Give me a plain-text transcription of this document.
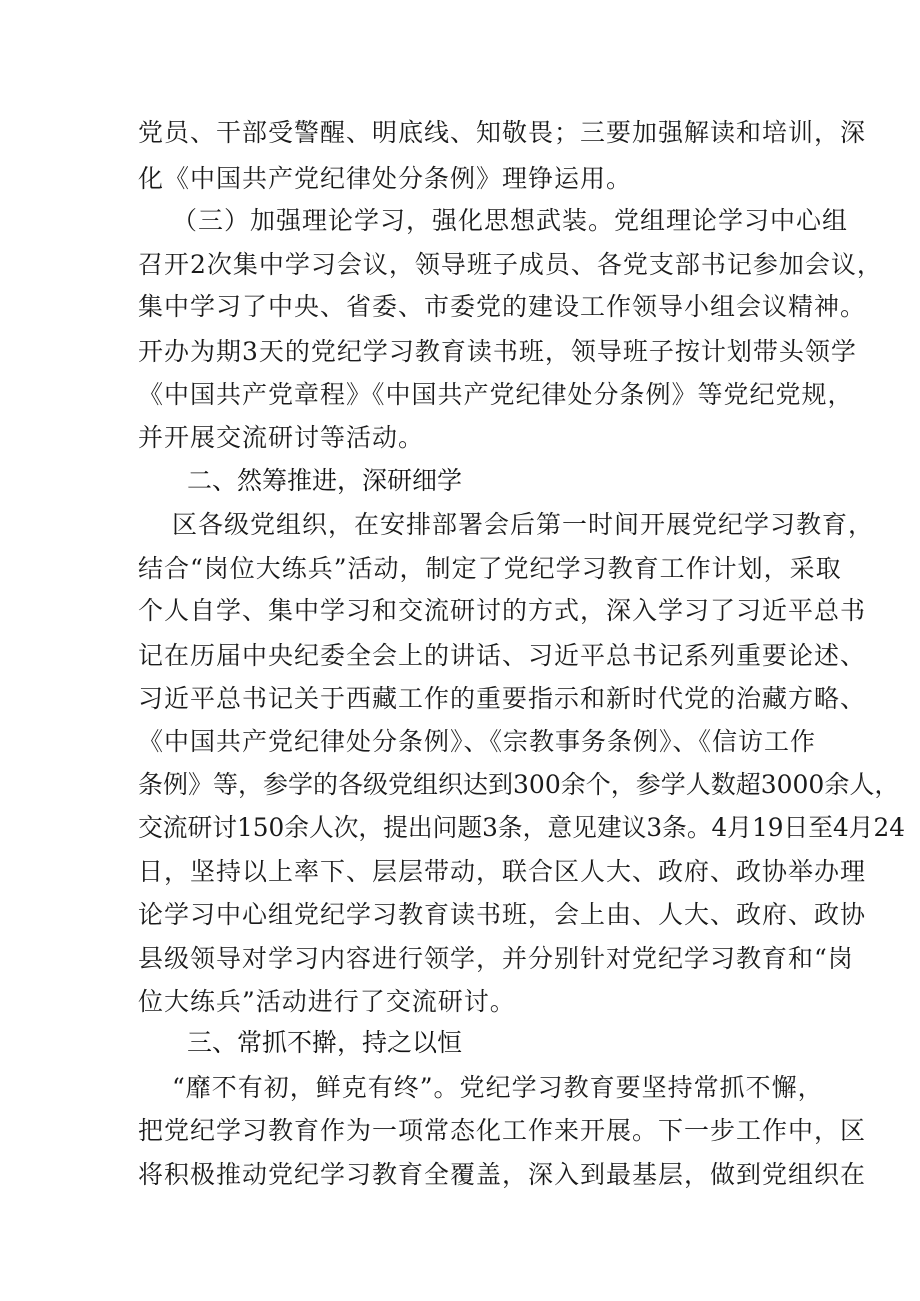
党员、干部受警醒、明底线、知敬畏；三要加强解读和培训，深
化《中国共产党纪律处分条例》理铮运用。
（三）加强理论学习，强化思想武装。党组理论学习中心组
召开2次集中学习会议，领导班子成员、各党支部书记参加会议，
集中学习了中央、省委、市委党的建设工作领导小组会议精神。
开办为期3天的党纪学习教育读书班，领导班子按计划带头领学
《中国共产党章程》《中国共产党纪律处分条例》等党纪党规，
并开展交流研讨等活动。
二、然筹推进，深研细学
区各级党组织，在安排部署会后第一时间开展党纪学习教育，
结合“岗位大练兵”活动，制定了党纪学习教育工作计划，采取
个人自学、集中学习和交流研讨的方式，深入学习了习近平总书
记在历届中央纪委全会上的讲话、习近平总书记系列重要论述、
习近平总书记关于西藏工作的重要指示和新时代党的治藏方略、
《中国共产党纪律处分条例》、《宗教事务条例》、《信访工作
条例》等，参学的各级党组织达到300余个，参学人数超3000余人，
交流研讨150余人次，提出问题3条，意见建议3条。4月19日至4月24
日，坚持以上率下、层层带动，联合区人大、政府、政协举办理
论学习中心组党纪学习教育读书班，会上由、人大、政府、政协
县级领导对学习内容进行领学，并分别针对党纪学习教育和“岗
位大练兵”活动进行了交流研讨。
三、常抓不擀，持之以恒
“靡不有初，鲜克有终”。党纪学习教育要坚持常抓不懈，
把党纪学习教育作为一项常态化工作来开展。下一步工作中，区
将积极推动党纪学习教育全覆盖，深入到最基层，做到党组织在
